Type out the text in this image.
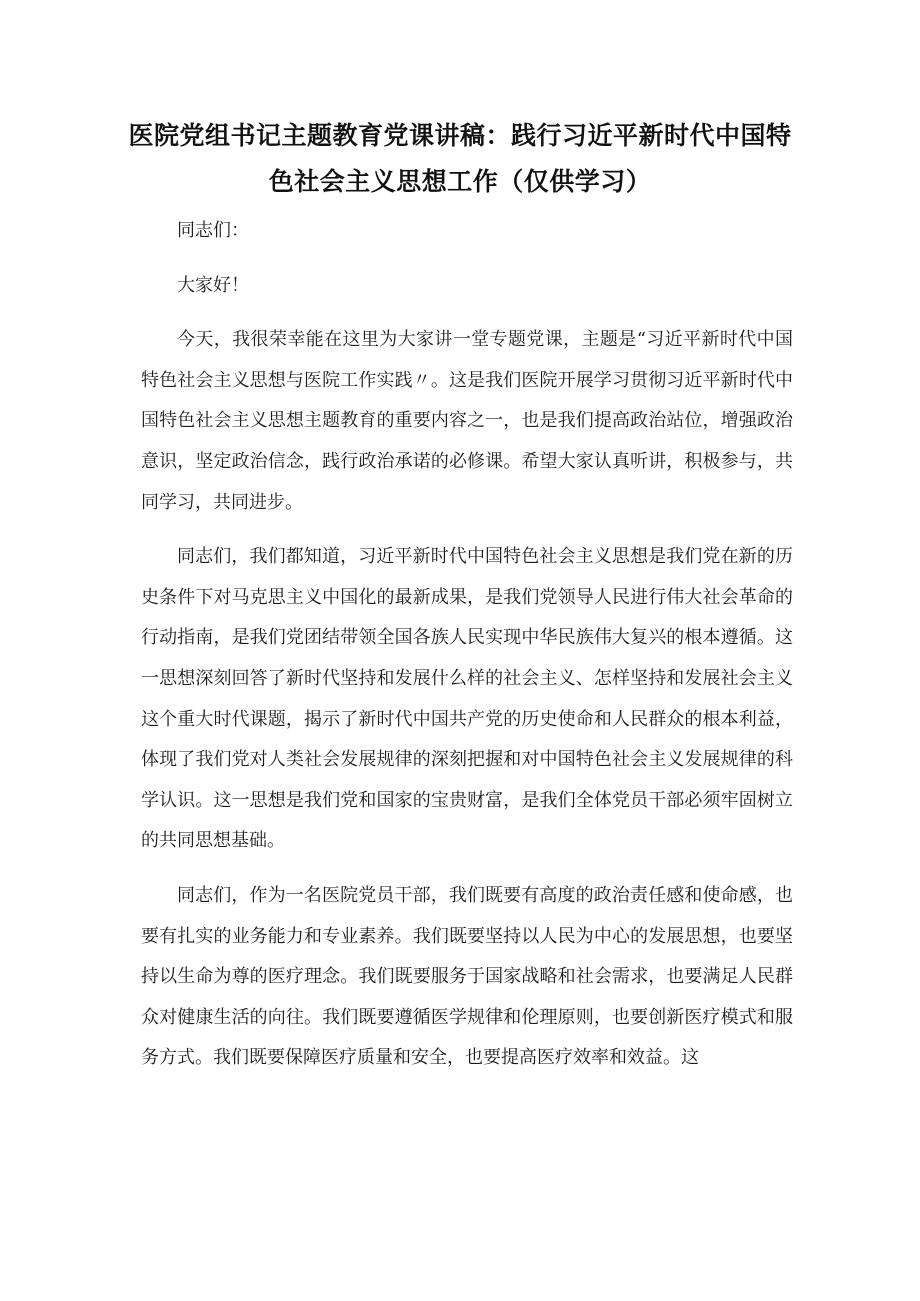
医院党组书记主题教育党课讲稿：践行习近平新时代中国特色社会主义思想工作（仅供学习）

同志们：

大家好！

今天，我很荣幸能在这里为大家讲一堂专题党课，主题是“习近平新时代中国特色社会主义思想与医院工作实践〃。这是我们医院开展学习贯彻习近平新时代中国特色社会主义思想主题教育的重要内容之一，也是我们提高政治站位，增强政治意识，坚定政治信念，践行政治承诺的必修课。希望大家认真听讲，积极参与，共同学习，共同进步。

同志们，我们都知道，习近平新时代中国特色社会主义思想是我们党在新的历史条件下对马克思主义中国化的最新成果，是我们党领导人民进行伟大社会革命的行动指南，是我们党团结带领全国各族人民实现中华民族伟大复兴的根本遵循。这一思想深刻回答了新时代坚持和发展什么样的社会主义、怎样坚持和发展社会主义这个重大时代课题，揭示了新时代中国共产党的历史使命和人民群众的根本利益，体现了我们党对人类社会发展规律的深刻把握和对中国特色社会主义发展规律的科学认识。这一思想是我们党和国家的宝贵财富，是我们全体党员干部必须牢固树立的共同思想基础。

同志们，作为一名医院党员干部，我们既要有高度的政治责任感和使命感，也要有扎实的业务能力和专业素养。我们既要坚持以人民为中心的发展思想，也要坚持以生命为尊的医疗理念。我们既要服务于国家战略和社会需求，也要满足人民群众对健康生活的向往。我们既要遵循医学规律和伦理原则，也要创新医疗模式和服务方式。我们既要保障医疗质量和安全，也要提高医疗效率和效益。这
